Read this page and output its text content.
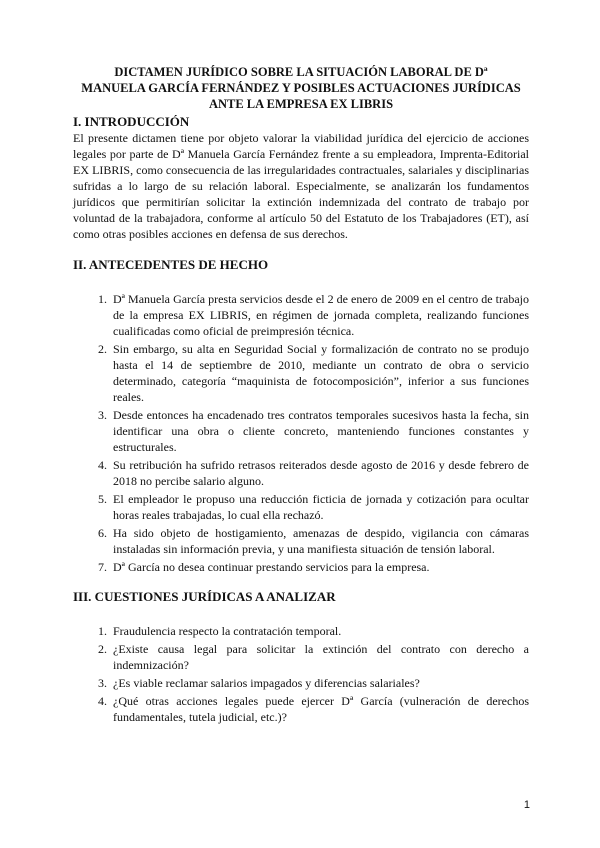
DICTAMEN JURÍDICO SOBRE LA SITUACIÓN LABORAL DE Dª MANUELA GARCÍA FERNÁNDEZ Y POSIBLES ACTUACIONES JURÍDICAS ANTE LA EMPRESA EX LIBRIS
I. INTRODUCCIÓN

El presente dictamen tiene por objeto valorar la viabilidad jurídica del ejercicio de acciones legales por parte de Dª Manuela García Fernández frente a su empleadora, Imprenta-Editorial EX LIBRIS, como consecuencia de las irregularidades contractuales, salariales y disciplinarias sufridas a lo largo de su relación laboral. Especialmente, se analizarán los fundamentos jurídicos que permitirían solicitar la extinción indemnizada del contrato de trabajo por voluntad de la trabajadora, conforme al artículo 50 del Estatuto de los Trabajadores (ET), así como otras posibles acciones en defensa de sus derechos.

II. ANTECEDENTES DE HECHO
1. Dª Manuela García presta servicios desde el 2 de enero de 2009 en el centro de trabajo de la empresa EX LIBRIS, en régimen de jornada completa, realizando funciones cualificadas como oficial de preimpresión técnica.
2. Sin embargo, su alta en Seguridad Social y formalización de contrato no se produjo hasta el 14 de septiembre de 2010, mediante un contrato de obra o servicio determinado, categoría “maquinista de fotocomposición”, inferior a sus funciones reales.
3. Desde entonces ha encadenado tres contratos temporales sucesivos hasta la fecha, sin identificar una obra o cliente concreto, manteniendo funciones constantes y estructurales.
4. Su retribución ha sufrido retrasos reiterados desde agosto de 2016 y desde febrero de 2018 no percibe salario alguno.
5. El empleador le propuso una reducción ficticia de jornada y cotización para ocultar horas reales trabajadas, lo cual ella rechazó.
6. Ha sido objeto de hostigamiento, amenazas de despido, vigilancia con cámaras instaladas sin información previa, y una manifiesta situación de tensión laboral.
7. Dª García no desea continuar prestando servicios para la empresa.
III. CUESTIONES JURÍDICAS A ANALIZAR
1. Fraudulencia respecto la contratación temporal.
2. ¿Existe causa legal para solicitar la extinción del contrato con derecho a indemnización?
3. ¿Es viable reclamar salarios impagados y diferencias salariales?
4. ¿Qué otras acciones legales puede ejercer Dª García (vulneración de derechos fundamentales, tutela judicial, etc.)?
1
